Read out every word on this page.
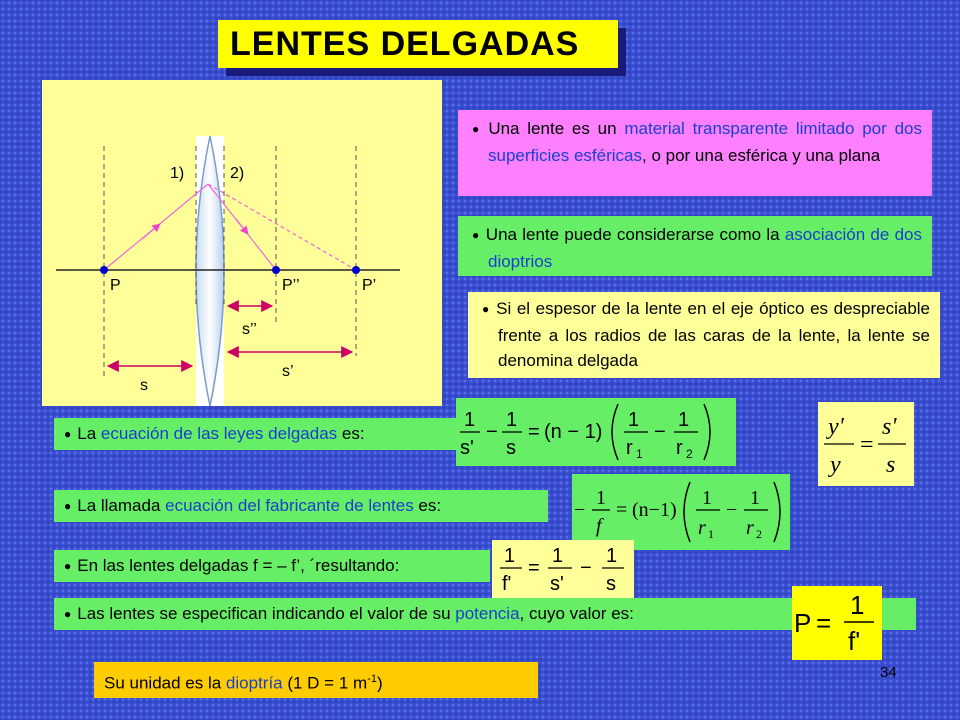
LENTES DELGADAS
1)	2)
P	P’’	P’
s’’
s’
s
● Una lente es un material transparente limitado por dos superficies esféricas, o por una esférica y una plana
● Una lente puede considerarse como la asociación de dos dioptrios
● Si el espesor de la lente en el eje óptico es despreciable frente a los radios de las caras de la lente, la lente se denomina delgada
● La ecuación de las leyes delgadas es:
1
s'
−
1
s
= (n − 1)
1
r 1
−
1
r 2
y'
y
=
s'
s
● La llamada ecuación del fabricante de lentes es:	−
1
f
= (n−1)
1
r 1
−
1
r 2
● En las lentes delgadas f = – f’, ´resultando:	1
f'
=
1
s'
−
1
s
● Las lentes se especifican indicando el valor de su potencia, cuyo valor es:	P =
1
f'
Su unidad es la dioptría (1 D = 1 $m^{-1}$)
34
